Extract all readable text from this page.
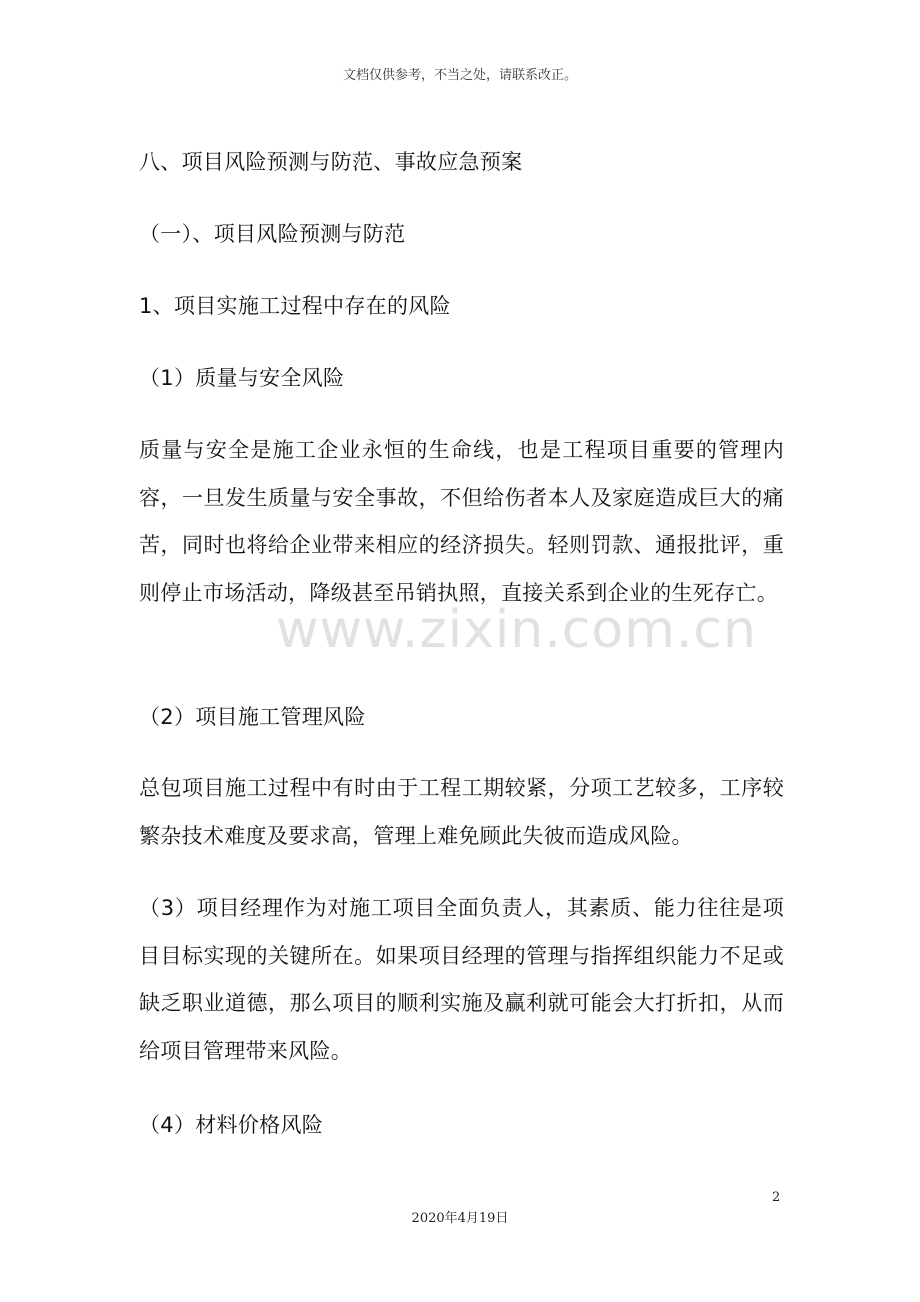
文档仅供参考，不当之处，请联系改正。
八、项目风险预测与防范、事故应急预案
（一）、项目风险预测与防范
1、项目实施工过程中存在的风险
（1）质量与安全风险
质量与安全是施工企业永恒的生命线，也是工程项目重要的管理内容，一旦发生质量与安全事故，不但给伤者本人及家庭造成巨大的痛苦，同时也将给企业带来相应的经济损失。轻则罚款、通报批评，重则停止市场活动，降级甚至吊销执照，直接关系到企业的生死存亡。
（2）项目施工管理风险
总包项目施工过程中有时由于工程工期较紧，分项工艺较多，工序较繁杂技术难度及要求高，管理上难免顾此失彼而造成风险。
（3）项目经理作为对施工项目全面负责人，其素质、能力往往是项目目标实现的关键所在。如果项目经理的管理与指挥组织能力不足或缺乏职业道德，那么项目的顺利实施及赢利就可能会大打折扣，从而给项目管理带来风险。
（4）材料价格风险
www.zixin.com.cn
2
2020年4月19日
